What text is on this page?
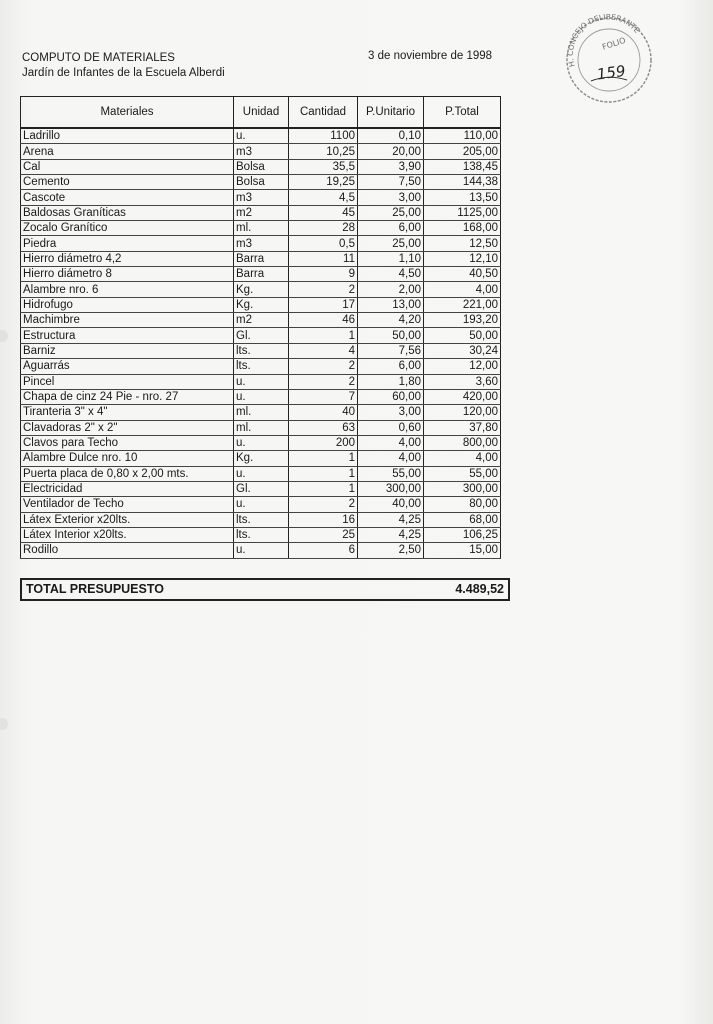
COMPUTO DE MATERIALES
Jardín de Infantes de la Escuela Alberdi
3 de noviembre de 1998
H. CONCEJO DELIBERANTE
FOLIO
159
Materiales	Unidad	Cantidad	P.Unitario	P.Total
Ladrillo	u.	1100	0,10	110,00
Arena	m3	10,25	20,00	205,00
Cal	Bolsa	35,5	3,90	138,45
Cemento	Bolsa	19,25	7,50	144,38
Cascote	m3	4,5	3,00	13,50
Baldosas Graníticas	m2	45	25,00	1125,00
Zocalo Granítico	ml.	28	6,00	168,00
Piedra	m3	0,5	25,00	12,50
Hierro diámetro 4,2	Barra	11	1,10	12,10
Hierro diámetro 8	Barra	9	4,50	40,50
Alambre nro. 6	Kg.	2	2,00	4,00
Hidrofugo	Kg.	17	13,00	221,00
Machimbre	m2	46	4,20	193,20
Estructura	Gl.	1	50,00	50,00
Barniz	lts.	4	7,56	30,24
Aguarrás	lts.	2	6,00	12,00
Pincel	u.	2	1,80	3,60
Chapa de cinz 24 Pie - nro. 27	u.	7	60,00	420,00
Tiranteria 3" x 4"	ml.	40	3,00	120,00
Clavadoras 2" x 2"	ml.	63	0,60	37,80
Clavos para Techo	u.	200	4,00	800,00
Alambre Dulce nro. 10	Kg.	1	4,00	4,00
Puerta placa de 0,80 x 2,00 mts.	u.	1	55,00	55,00
Electricidad	Gl.	1	300,00	300,00
Ventilador de Techo	u.	2	40,00	80,00
Látex Exterior x20lts.	lts.	16	4,25	68,00
Látex Interior x20lts.	lts.	25	4,25	106,25
Rodillo	u.	6	2,50	15,00
TOTAL PRESUPUESTO	4.489,52
